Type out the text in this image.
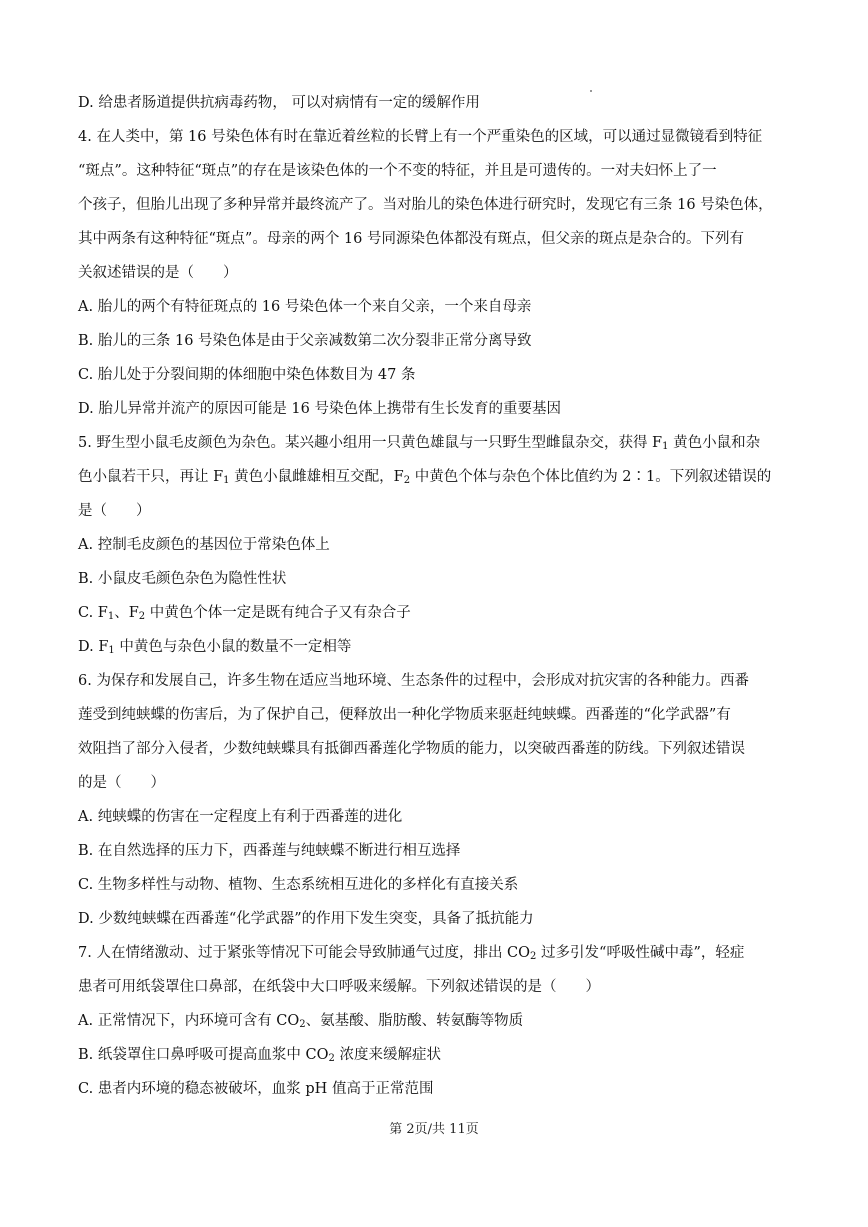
D. 给患者肠道提供抗病毒药物， 可以对病情有一定的缓解作用
4. 在人类中，第 16 号染色体有时在靠近着丝粒的长臂上有一个严重染色的区域，可以通过显微镜看到特征
“斑点”。这种特征“斑点”的存在是该染色体的一个不变的特征，并且是可遗传的。一对夫妇怀上了一
个孩子，但胎儿出现了多种异常并最终流产了。当对胎儿的染色体进行研究时，发现它有三条 16 号染色体，
其中两条有这种特征“斑点”。母亲的两个 16 号同源染色体都没有斑点，但父亲的斑点是杂合的。下列有
关叙述错误的是（　　）
A. 胎儿的两个有特征斑点的 16 号染色体一个来自父亲，一个来自母亲
B. 胎儿的三条 16 号染色体是由于父亲减数第二次分裂非正常分离导致
C. 胎儿处于分裂间期的体细胞中染色体数目为 47 条
D. 胎儿异常并流产的原因可能是 16 号染色体上携带有生长发育的重要基因
5. 野生型小鼠毛皮颜色为杂色。某兴趣小组用一只黄色雄鼠与一只野生型雌鼠杂交，获得 $F_1$ 黄色小鼠和杂
色小鼠若干只，再让 $F_1$ 黄色小鼠雌雄相互交配，$F_2$ 中黄色个体与杂色个体比值约为 2∶1。下列叙述错误的
是（　　）
A. 控制毛皮颜色的基因位于常染色体上
B. 小鼠皮毛颜色杂色为隐性性状
C. $F_1$、$F_2$ 中黄色个体一定是既有纯合子又有杂合子
D. $F_1$ 中黄色与杂色小鼠的数量不一定相等
6. 为保存和发展自己，许多生物在适应当地环境、生态条件的过程中，会形成对抗灾害的各种能力。西番
莲受到纯蛱蝶的伤害后，为了保护自己，便释放出一种化学物质来驱赶纯蛱蝶。西番莲的“化学武器”有
效阻挡了部分入侵者，少数纯蛱蝶具有抵御西番莲化学物质的能力，以突破西番莲的防线。下列叙述错误
的是（　　）
A. 纯蛱蝶的伤害在一定程度上有利于西番莲的进化
B. 在自然选择的压力下，西番莲与纯蛱蝶不断进行相互选择
C. 生物多样性与动物、植物、生态系统相互进化的多样化有直接关系
D. 少数纯蛱蝶在西番莲“化学武器”的作用下发生突变，具备了抵抗能力
7. 人在情绪激动、过于紧张等情况下可能会导致肺通气过度，排出 $CO_2$ 过多引发“呼吸性碱中毒”，轻症
患者可用纸袋罩住口鼻部，在纸袋中大口呼吸来缓解。下列叙述错误的是（　　）
A. 正常情况下，内环境可含有 $CO_2$、氨基酸、脂肪酸、转氨酶等物质
B. 纸袋罩住口鼻呼吸可提高血浆中 $CO_2$ 浓度来缓解症状
C. 患者内环境的稳态被破坏，血浆 pH 值高于正常范围
第 2页/共 11页
